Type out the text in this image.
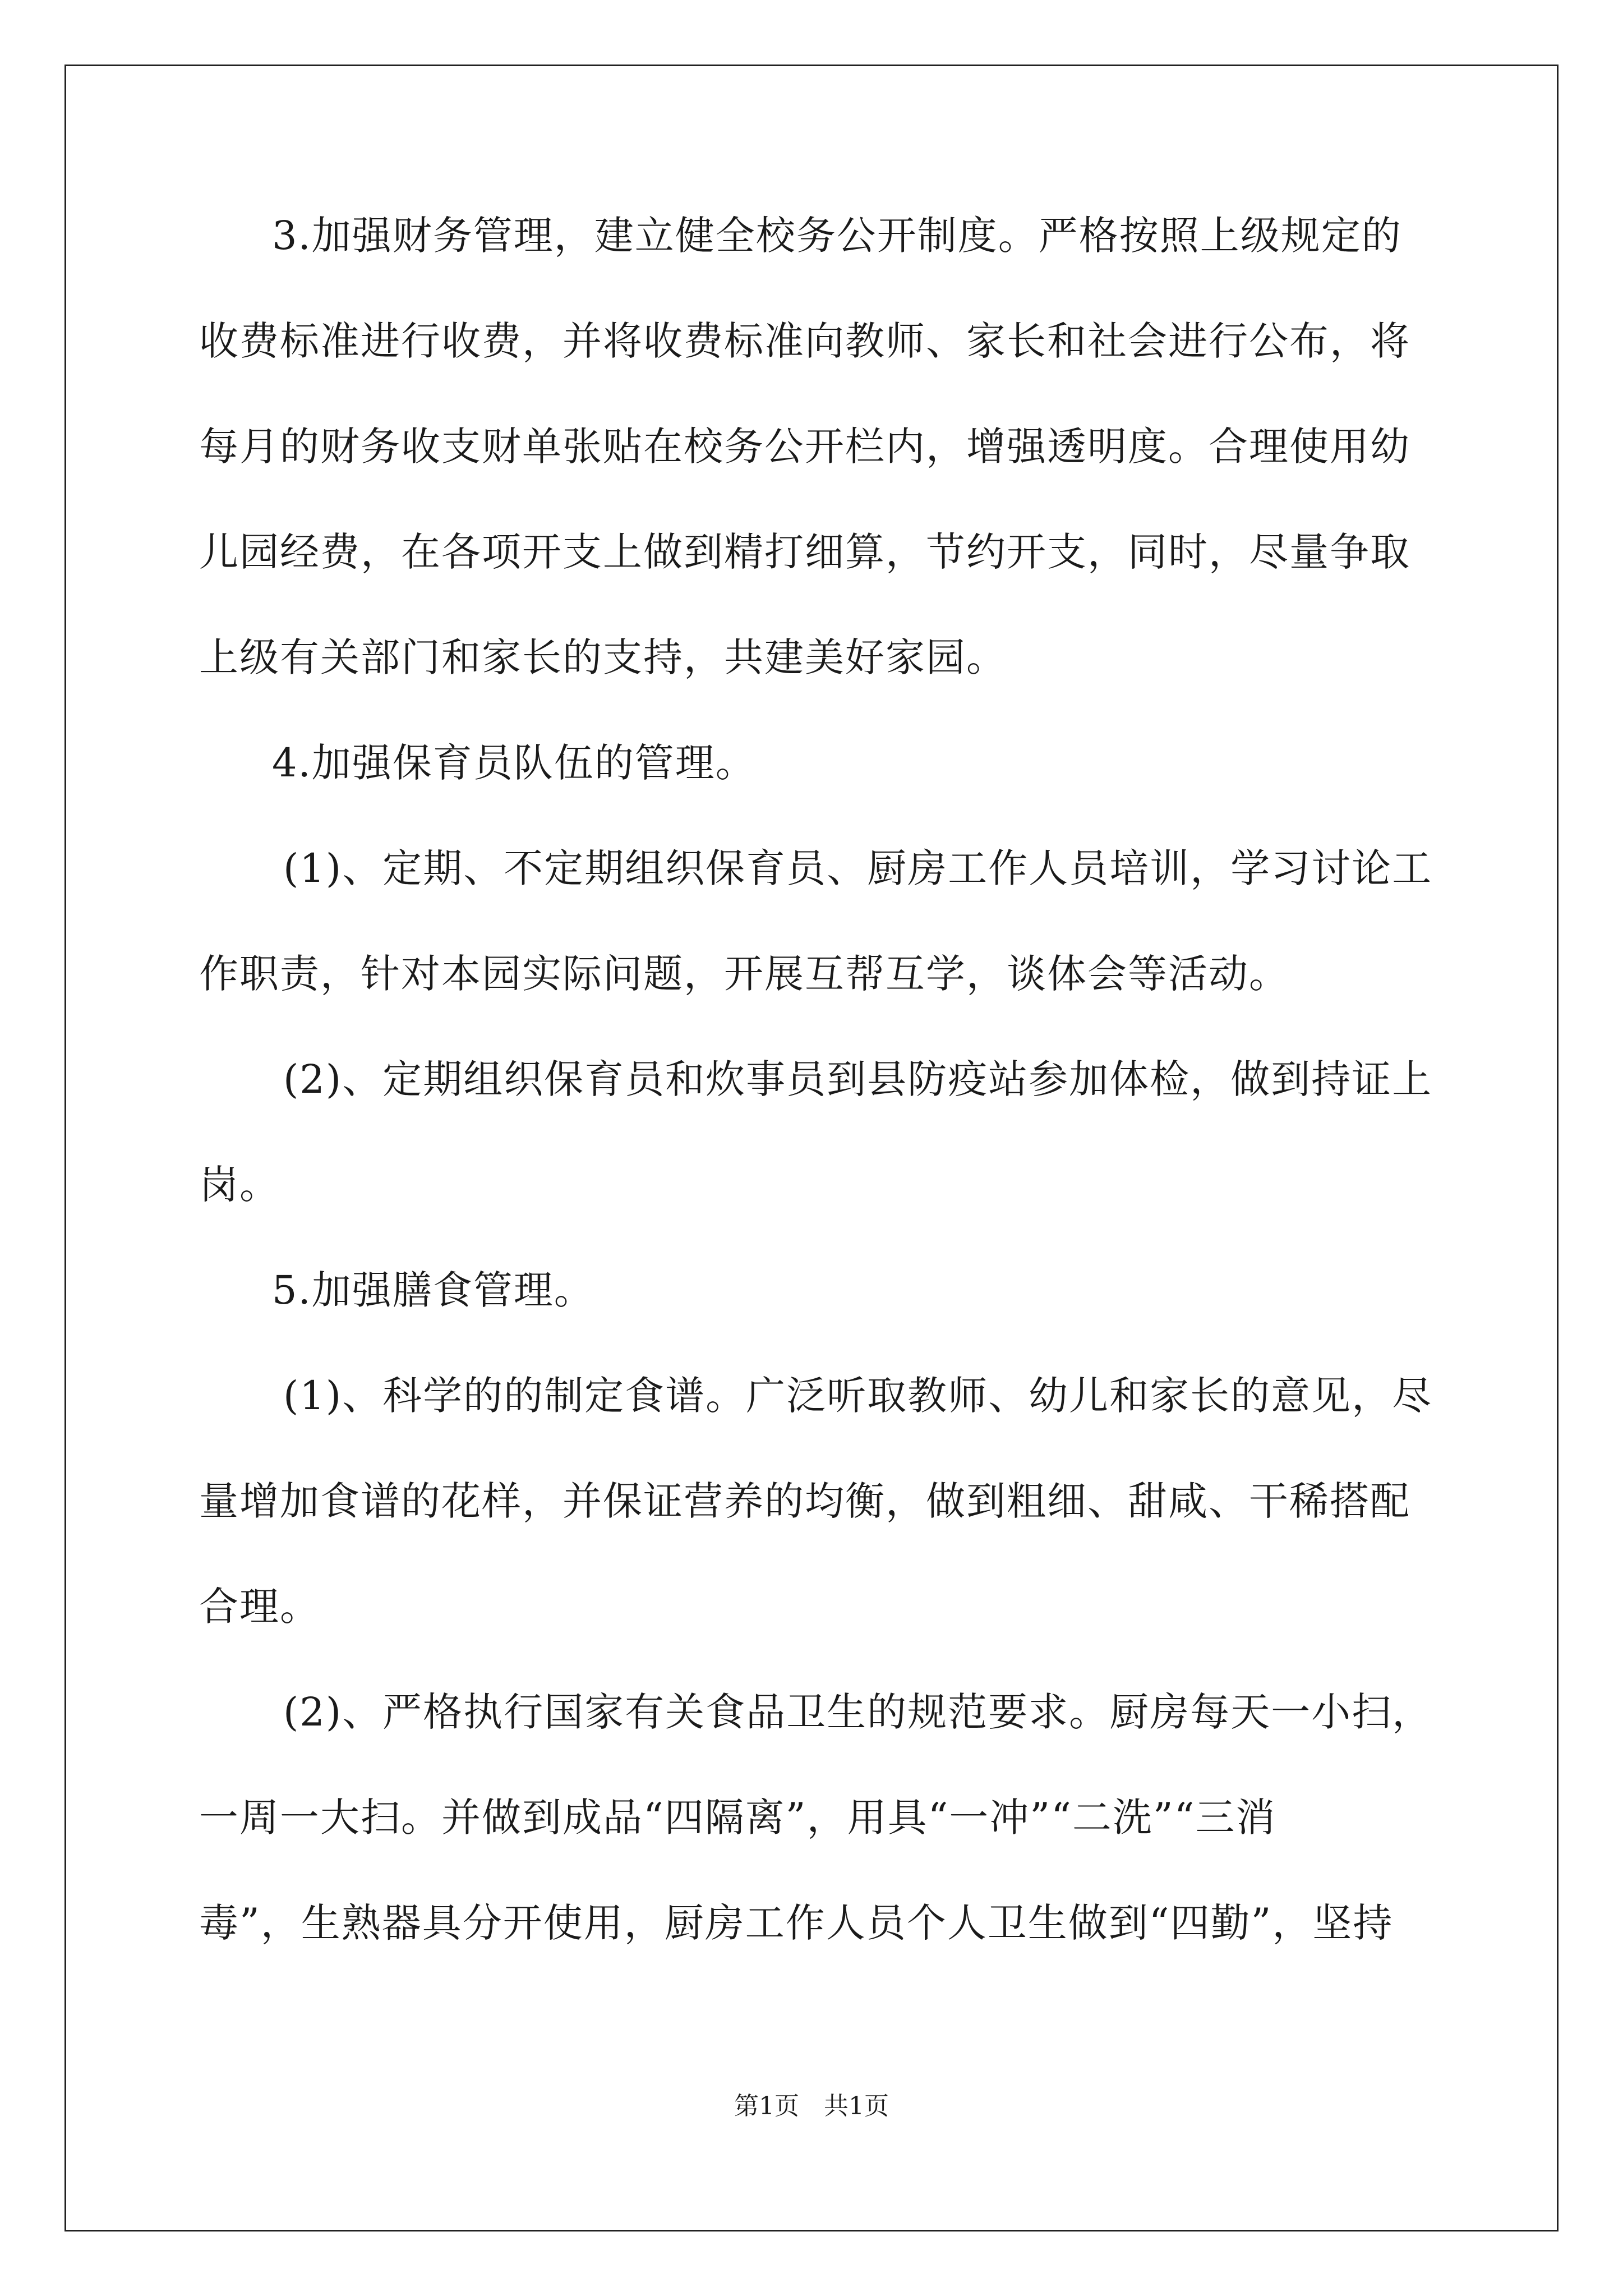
3.加强财务管理，建立健全校务公开制度。严格按照上级规定的
收费标准进行收费，并将收费标准向教师、家长和社会进行公布，将
每月的财务收支财单张贴在校务公开栏内，增强透明度。合理使用幼
儿园经费，在各项开支上做到精打细算，节约开支，同时，尽量争取
上级有关部门和家长的支持，共建美好家园。
4.加强保育员队伍的管理。
(1)、定期、不定期组织保育员、厨房工作人员培训，学习讨论工
作职责，针对本园实际问题，开展互帮互学，谈体会等活动。
(2)、定期组织保育员和炊事员到县防疫站参加体检，做到持证上
岗。
5.加强膳食管理。
(1)、科学的的制定食谱。广泛听取教师、幼儿和家长的意见，尽
量增加食谱的花样，并保证营养的均衡，做到粗细、甜咸、干稀搭配
合理。
(2)、严格执行国家有关食品卫生的规范要求。厨房每天一小扫，
一周一大扫。并做到成品“四隔离”，用具“一冲”“二洗”“三消
毒”，生熟器具分开使用，厨房工作人员个人卫生做到“四勤”，坚持
第1页　共1页
